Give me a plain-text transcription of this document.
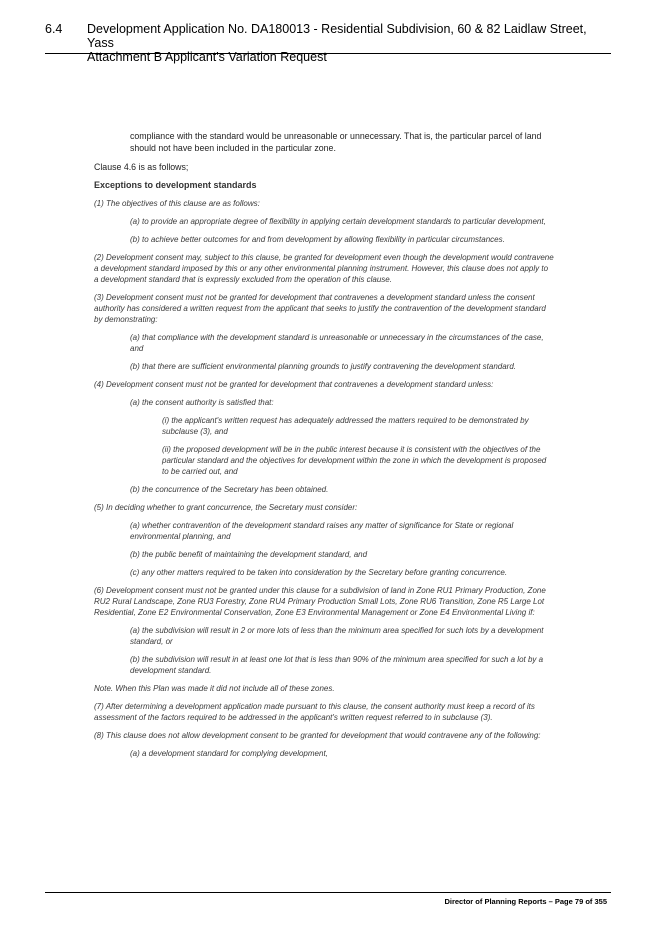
6.4 Development Application No. DA180013 - Residential Subdivision, 60 & 82 Laidlaw Street, Yass
Attachment B Applicant's Variation Request

compliance with the standard would be unreasonable or unnecessary. That is, the particular parcel of land should not have been included in the particular zone.

Clause 4.6 is as follows;

Exceptions to development standards

(1) The objectives of this clause are as follows:

(a) to provide an appropriate degree of flexibility in applying certain development standards to particular development,

(b) to achieve better outcomes for and from development by allowing flexibility in particular circumstances.

(2) Development consent may, subject to this clause, be granted for development even though the development would contravene a development standard imposed by this or any other environmental planning instrument. However, this clause does not apply to a development standard that is expressly excluded from the operation of this clause.

(3) Development consent must not be granted for development that contravenes a development standard unless the consent authority has considered a written request from the applicant that seeks to justify the contravention of the development standard by demonstrating:

(a) that compliance with the development standard is unreasonable or unnecessary in the circumstances of the case, and

(b) that there are sufficient environmental planning grounds to justify contravening the development standard.

(4) Development consent must not be granted for development that contravenes a development standard unless:

(a) the consent authority is satisfied that:

(i) the applicant's written request has adequately addressed the matters required to be demonstrated by subclause (3), and

(ii) the proposed development will be in the public interest because it is consistent with the objectives of the particular standard and the objectives for development within the zone in which the development is proposed to be carried out, and

(b) the concurrence of the Secretary has been obtained.

(5) In deciding whether to grant concurrence, the Secretary must consider:

(a) whether contravention of the development standard raises any matter of significance for State or regional environmental planning, and

(b) the public benefit of maintaining the development standard, and

(c) any other matters required to be taken into consideration by the Secretary before granting concurrence.

(6) Development consent must not be granted under this clause for a subdivision of land in Zone RU1 Primary Production, Zone RU2 Rural Landscape, Zone RU3 Forestry, Zone RU4 Primary Production Small Lots, Zone RU6 Transition, Zone R5 Large Lot Residential, Zone E2 Environmental Conservation, Zone E3 Environmental Management or Zone E4 Environmental Living if:

(a) the subdivision will result in 2 or more lots of less than the minimum area specified for such lots by a development standard, or

(b) the subdivision will result in at least one lot that is less than 90% of the minimum area specified for such a lot by a development standard.

Note. When this Plan was made it did not include all of these zones.

(7) After determining a development application made pursuant to this clause, the consent authority must keep a record of its assessment of the factors required to be addressed in the applicant's written request referred to in subclause (3).

(8) This clause does not allow development consent to be granted for development that would contravene any of the following:

(a) a development standard for complying development,

Director of Planning Reports – Page 79 of 355
